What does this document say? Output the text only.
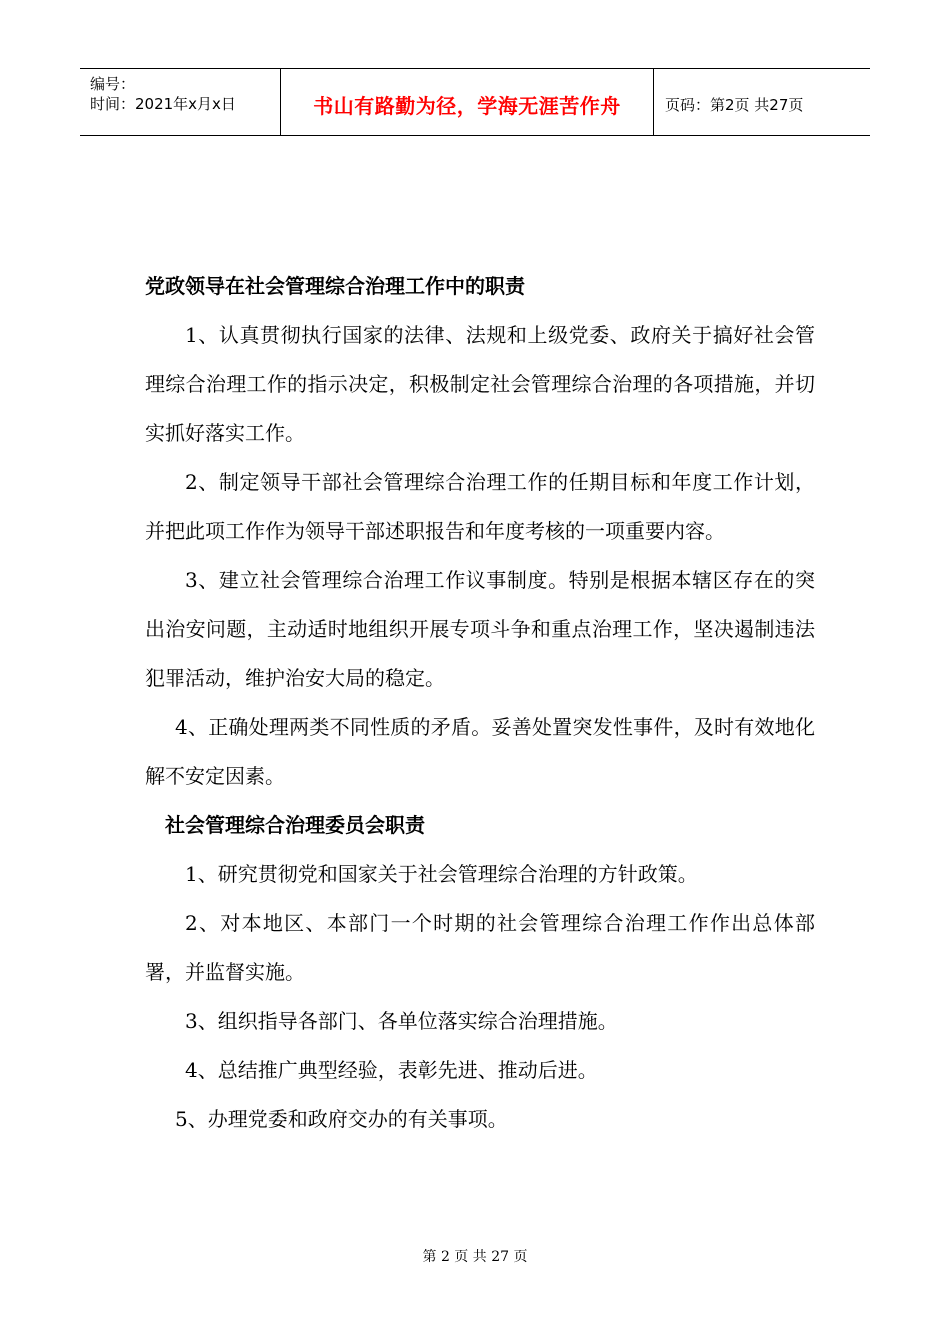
编号：
时间：2021年x月x日	书山有路勤为径，学海无涯苦作舟	页码：第2页 共27页

党政领导在社会管理综合治理工作中的职责

1、认真贯彻执行国家的法律、法规和上级党委、政府关于搞好社会管理综合治理工作的指示决定，积极制定社会管理综合治理的各项措施，并切实抓好落实工作。

2、制定领导干部社会管理综合治理工作的任期目标和年度工作计划，并把此项工作作为领导干部述职报告和年度考核的一项重要内容。

3、建立社会管理综合治理工作议事制度。特别是根据本辖区存在的突出治安问题，主动适时地组织开展专项斗争和重点治理工作，坚决遏制违法犯罪活动，维护治安大局的稳定。

4、正确处理两类不同性质的矛盾。妥善处置突发性事件，及时有效地化解不安定因素。

社会管理综合治理委员会职责

1、研究贯彻党和国家关于社会管理综合治理的方针政策。

2、对本地区、本部门一个时期的社会管理综合治理工作作出总体部署，并监督实施。

3、组织指导各部门、各单位落实综合治理措施。

4、总结推广典型经验，表彰先进、推动后进。

5、办理党委和政府交办的有关事项。

第 2 页 共 27 页
